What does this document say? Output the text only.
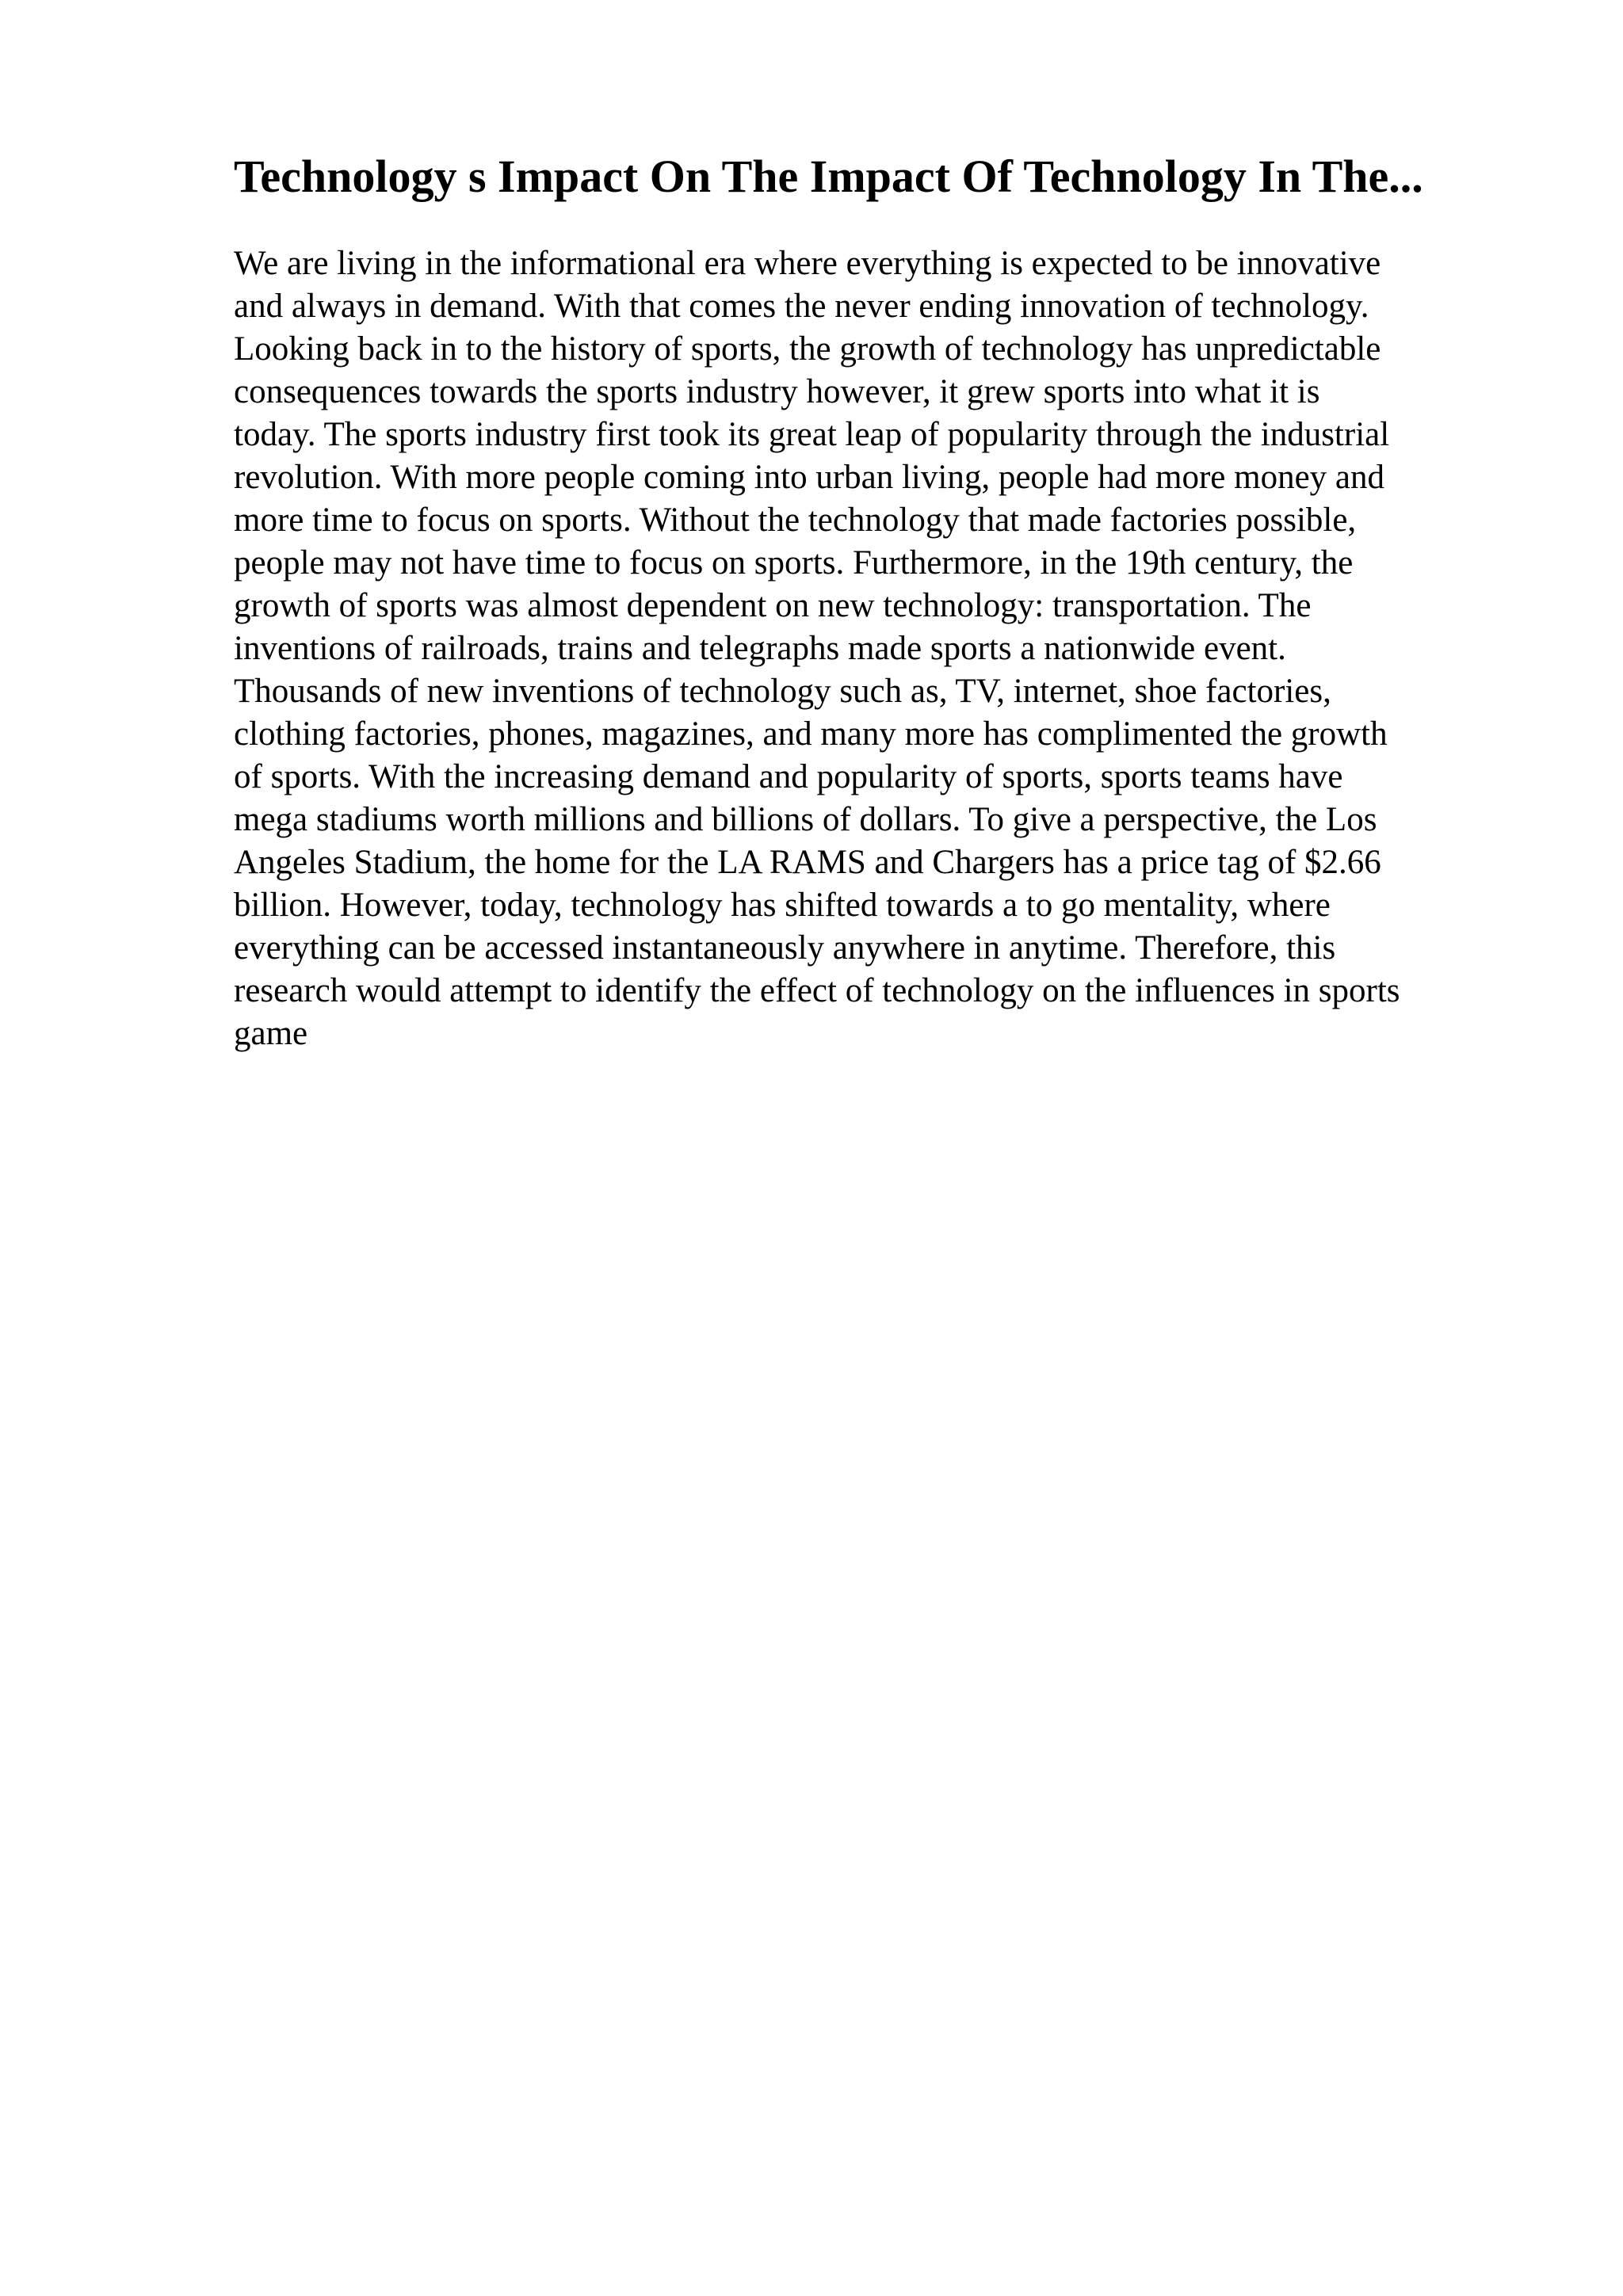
Technology s Impact On The Impact Of Technology In The...
We are living in the informational era where everything is expected to be innovative
and always in demand. With that comes the never ending innovation of technology.
Looking back in to the history of sports, the growth of technology has unpredictable
consequences towards the sports industry however, it grew sports into what it is
today. The sports industry first took its great leap of popularity through the industrial
revolution. With more people coming into urban living, people had more money and
more time to focus on sports. Without the technology that made factories possible,
people may not have time to focus on sports. Furthermore, in the 19th century, the
growth of sports was almost dependent on new technology: transportation. The
inventions of railroads, trains and telegraphs made sports a nationwide event.
Thousands of new inventions of technology such as, TV, internet, shoe factories,
clothing factories, phones, magazines, and many more has complimented the growth
of sports. With the increasing demand and popularity of sports, sports teams have
mega stadiums worth millions and billions of dollars. To give a perspective, the Los
Angeles Stadium, the home for the LA RAMS and Chargers has a price tag of $2.66
billion. However, today, technology has shifted towards a to go mentality, where
everything can be accessed instantaneously anywhere in anytime. Therefore, this
research would attempt to identify the effect of technology on the influences in sports
game
